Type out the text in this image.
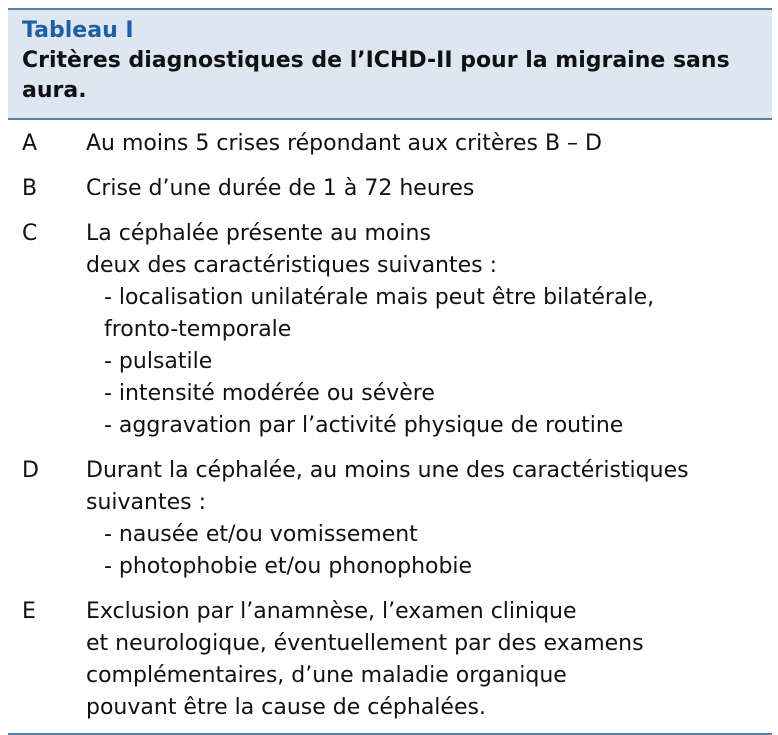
Tableau I
Critères diagnostiques de l’ICHD-II pour la migraine sans aura.
A	Au moins 5 crises répondant aux critères B – D
B	Crise d’une durée de 1 à 72 heures
C	La céphalée présente au moins
deux des caractéristiques suivantes :
- localisation unilatérale mais peut être bilatérale,
fronto-temporale
- pulsatile
- intensité modérée ou sévère
- aggravation par l’activité physique de routine
D	Durant la céphalée, au moins une des caractéristiques
suivantes :
- nausée et/ou vomissement
- photophobie et/ou phonophobie
E	Exclusion par l’anamnèse, l’examen clinique
et neurologique, éventuellement par des examens
complémentaires, d’une maladie organique
pouvant être la cause de céphalées.
